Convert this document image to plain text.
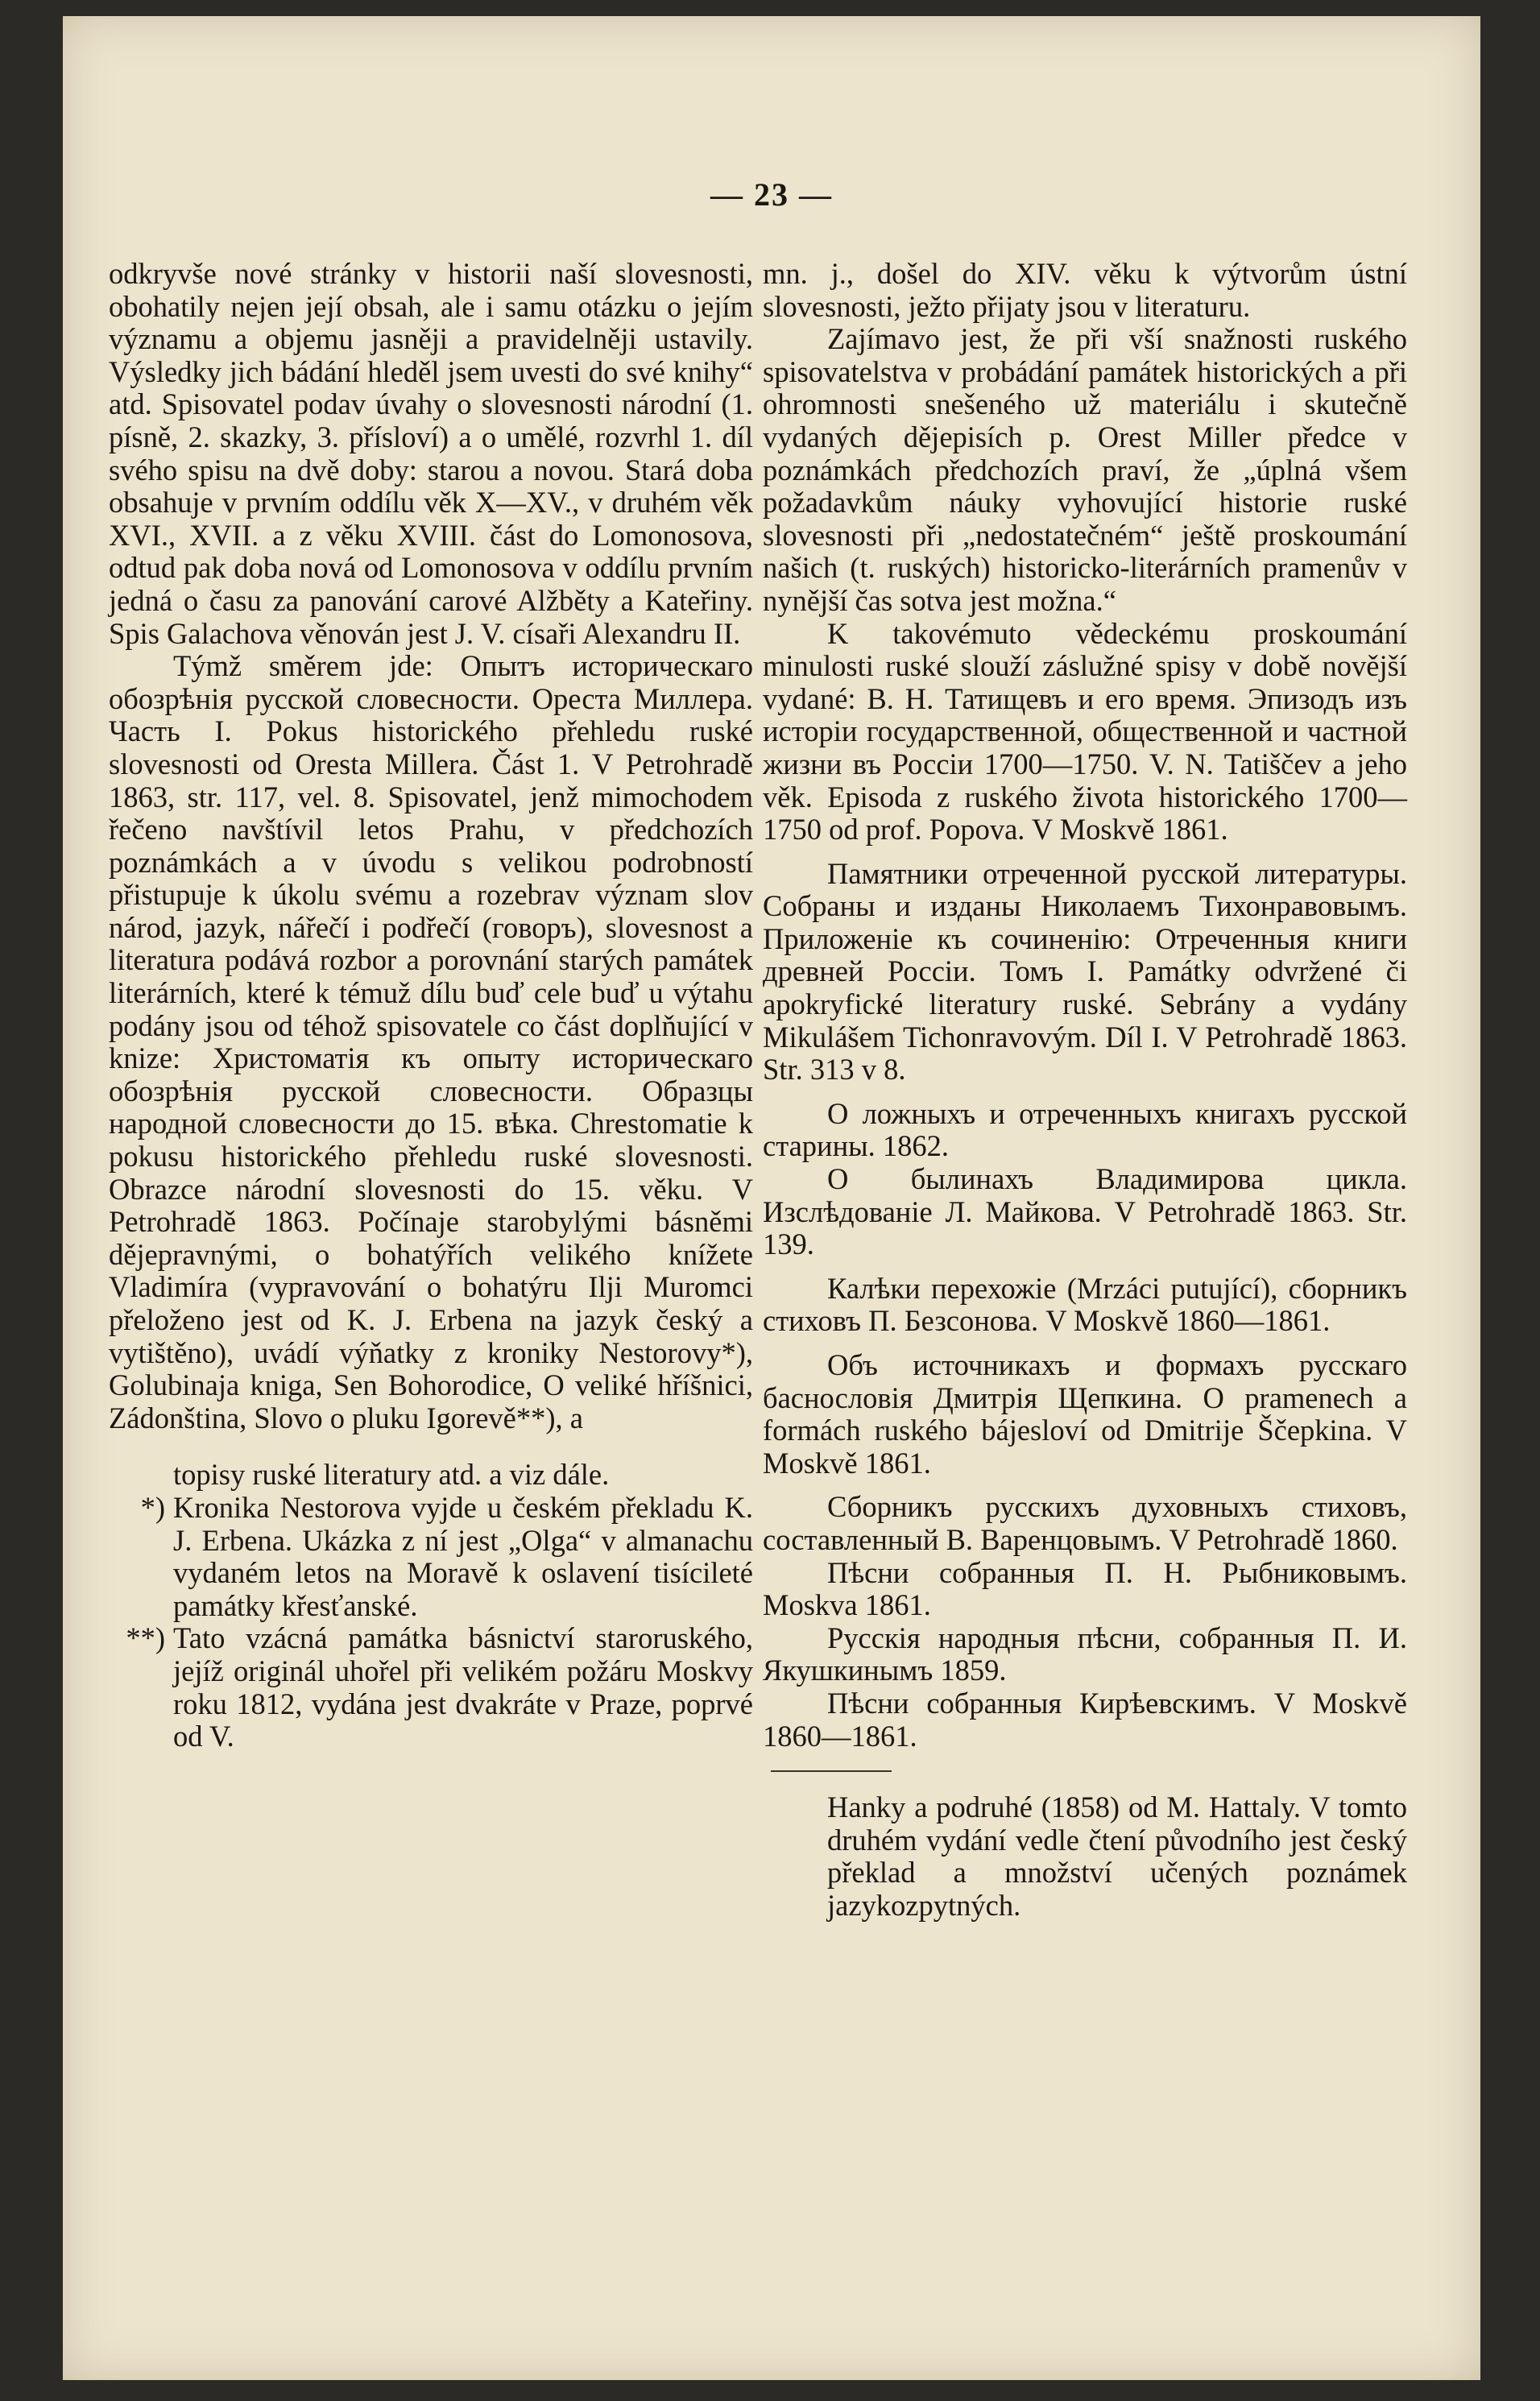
— 23 —

odkryvše nové stránky v historii naší slovesnosti, obohatily nejen její obsah, ale i samu otázku o jejím významu a objemu jasněji a pravidelněji ustavily. Výsledky jich bádání hleděl jsem uvesti do své knihy“ atd. Spisovatel podav úvahy o slovesnosti národní (1. písně, 2. skazky, 3. přísloví) a o umělé, rozvrhl 1. díl svého spisu na dvě doby: starou a novou. Stará doba obsahuje v prvním oddílu věk X—XV., v druhém věk XVI., XVII. a z věku XVIII. část do Lomonosova, odtud pak doba nová od Lomonosova v oddílu prvním jedná o času za panování carové Alžběty a Kateřiny. Spis Galachova věnován jest J. V. císaři Alexandru II.

Týmž směrem jde: Опытъ историческаго обозрѣнія русской словесности. Ореста Миллера. Часть I. Pokus historického přehledu ruské slovesnosti od Oresta Millera. Část 1. V Petrohradě 1863, str. 117, vel. 8. Spisovatel, jenž mimochodem řečeno navštívil letos Prahu, v předchozích poznámkách a v úvodu s velikou podrobností přistupuje k úkolu svému a rozebrav význam slov národ, jazyk, nářečí i podřečí (говоръ), slovesnost a literatura podává rozbor a porovnání starých památek literárních, které k témuž dílu buď cele buď u výtahu podány jsou od téhož spisovatele co část doplňující v knize: Христоматія къ опыту историческаго обозрѣнія русской словесности. Образцы народной словесности до 15. вѣка. Chrestomatie k pokusu historického přehledu ruské slovesnosti. Obrazce národní slovesnosti do 15. věku. V Petrohradě 1863. Počínaje starobylými básněmi dějepravnými, o bohatýřích velikého knížete Vladimíra (vypravování o bohatýru Ilji Muromci přeloženo jest od K. J. Erbena na jazyk český a vytištěno), uvádí výňatky z kroniky Nestorovy*), Golubinaja kniga, Sen Bohorodice, O veliké hříšnici, Zádonština, Slovo o pluku Igorevě**), a

topisy ruské literatury atd. a viz dále.

*) Kronika Nestorova vyjde u českém překladu K. J. Erbena. Ukázka z ní jest „Olga“ v almanachu vydaném letos na Moravě k oslavení tisícileté památky křesťanské.
**) Tato vzácná památka básnictví staroruského, jejíž originál uhořel při velikém požáru Moskvy roku 1812, vydána jest dvakráte v Praze, poprvé od V.

mn. j., došel do XIV. věku k výtvorům ústní slovesnosti, ježto přijaty jsou v literaturu.

Zajímavo jest, že při vší snažnosti ruského spisovatelstva v probádání památek historických a při ohromnosti snešeného už materiálu i skutečně vydaných dějepisích p. Orest Miller předce v poznámkách předchozích praví, že „úplná všem požadavkům náuky vyhovující historie ruské slovesnosti při „nedostatečném“ ještě proskoumání našich (t. ruských) historicko-literárních pramenův v nynější čas sotva jest možna.“

K takovémuto vědeckému proskoumání minulosti ruské slouží záslužné spisy v době novější vydané: В. Н. Татищевъ и его время. Эпизодъ изъ исторіи государственной, общественной и частной жизни въ Россіи 1700—1750. V. N. Tatiščev a jeho věk. Episoda z ruského života historického 1700—1750 od prof. Popova. V Moskvě 1861.

Памятники отреченной русской литературы. Собраны и изданы Николаемъ Тихонравовымъ. Приложеніе къ сочиненію: Отреченныя книги древней Россіи. Томъ I. Památky odvržené či apokryfické literatury ruské. Sebrány a vydány Mikulášem Tichonravovým. Díl I. V Petrohradě 1863. Str. 313 v 8.

О ложныхъ и отреченныхъ книгахъ русской старины. 1862.

О былинахъ Владимирова цикла. Изслѣдованіе Л. Майкова. V Petrohradě 1863. Str. 139.

Калѣки перехожіе (Mrzáci putující), сборникъ стиховъ П. Безсонова. V Moskvě 1860—1861.

Объ источникахъ и формахъ русскаго баснословія Дмитрія Щепкина. O pramenech a formách ruského bájesloví od Dmitrije Ščepkina. V Moskvě 1861.

Сборникъ русскихъ духовныхъ стиховъ, составленный В. Варенцовымъ. V Petrohradě 1860.

Пѣсни собранныя П. Н. Рыбниковымъ. Moskva 1861.

Русскія народныя пѣсни, собранныя П. И. Якушкинымъ 1859.

Пѣсни собранныя Кирѣевскимъ. V Moskvě 1860—1861.

Hanky a podruhé (1858) od M. Hattaly. V tomto druhém vydání vedle čtení původního jest český překlad a množství učených poznámek jazykozpytných.
